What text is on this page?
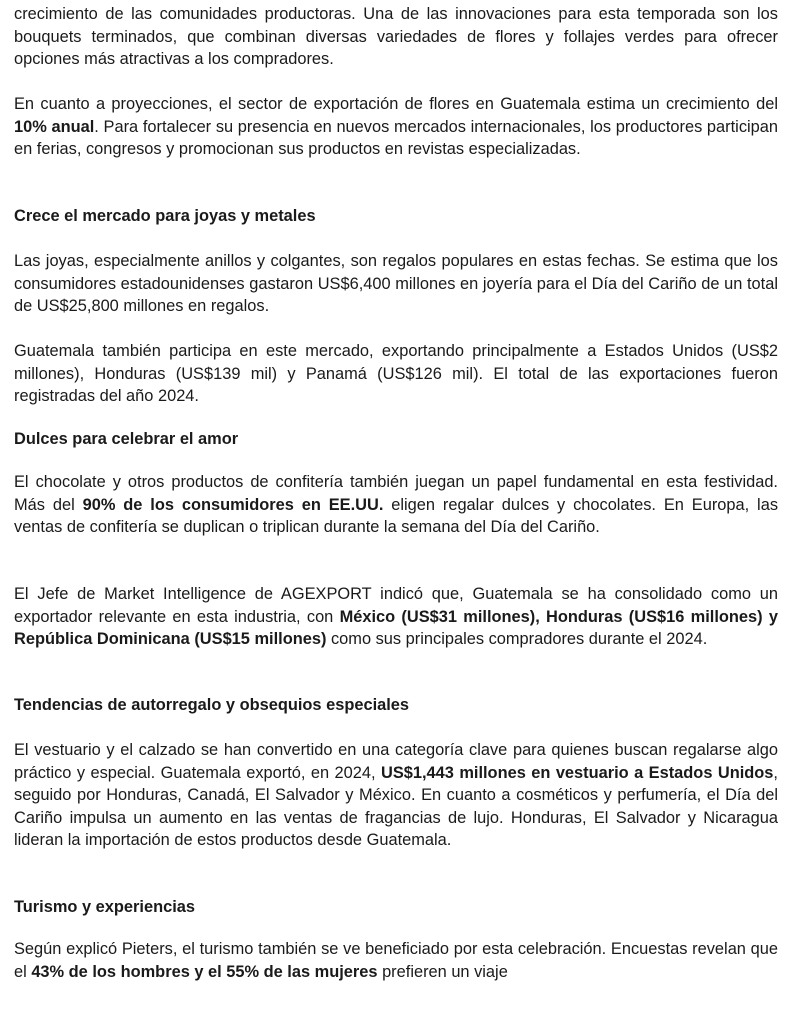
crecimiento de las comunidades productoras. Una de las innovaciones para esta temporada son los bouquets terminados, que combinan diversas variedades de flores y follajes verdes para ofrecer opciones más atractivas a los compradores.

En cuanto a proyecciones, el sector de exportación de flores en Guatemala estima un crecimiento del 10% anual. Para fortalecer su presencia en nuevos mercados internacionales, los productores participan en ferias, congresos y promocionan sus productos en revistas especializadas.

Crece el mercado para joyas y metales

Las joyas, especialmente anillos y colgantes, son regalos populares en estas fechas. Se estima que los consumidores estadounidenses gastaron US$6,400 millones en joyería para el Día del Cariño de un total de US$25,800 millones en regalos.

Guatemala también participa en este mercado, exportando principalmente a Estados Unidos (US$2 millones), Honduras (US$139 mil) y Panamá (US$126 mil). El total de las exportaciones fueron registradas del año 2024.

Dulces para celebrar el amor

El chocolate y otros productos de confitería también juegan un papel fundamental en esta festividad. Más del 90% de los consumidores en EE.UU. eligen regalar dulces y chocolates. En Europa, las ventas de confitería se duplican o triplican durante la semana del Día del Cariño.

El Jefe de Market Intelligence de AGEXPORT indicó que, Guatemala se ha consolidado como un exportador relevante en esta industria, con México (US$31 millones), Honduras (US$16 millones) y República Dominicana (US$15 millones) como sus principales compradores durante el 2024.

Tendencias de autorregalo y obsequios especiales

El vestuario y el calzado se han convertido en una categoría clave para quienes buscan regalarse algo práctico y especial. Guatemala exportó, en 2024, US$1,443 millones en vestuario a Estados Unidos, seguido por Honduras, Canadá, El Salvador y México. En cuanto a cosméticos y perfumería, el Día del Cariño impulsa un aumento en las ventas de fragancias de lujo. Honduras, El Salvador y Nicaragua lideran la importación de estos productos desde Guatemala.

Turismo y experiencias

Según explicó Pieters, el turismo también se ve beneficiado por esta celebración. Encuestas revelan que el 43% de los hombres y el 55% de las mujeres prefieren un viaje
